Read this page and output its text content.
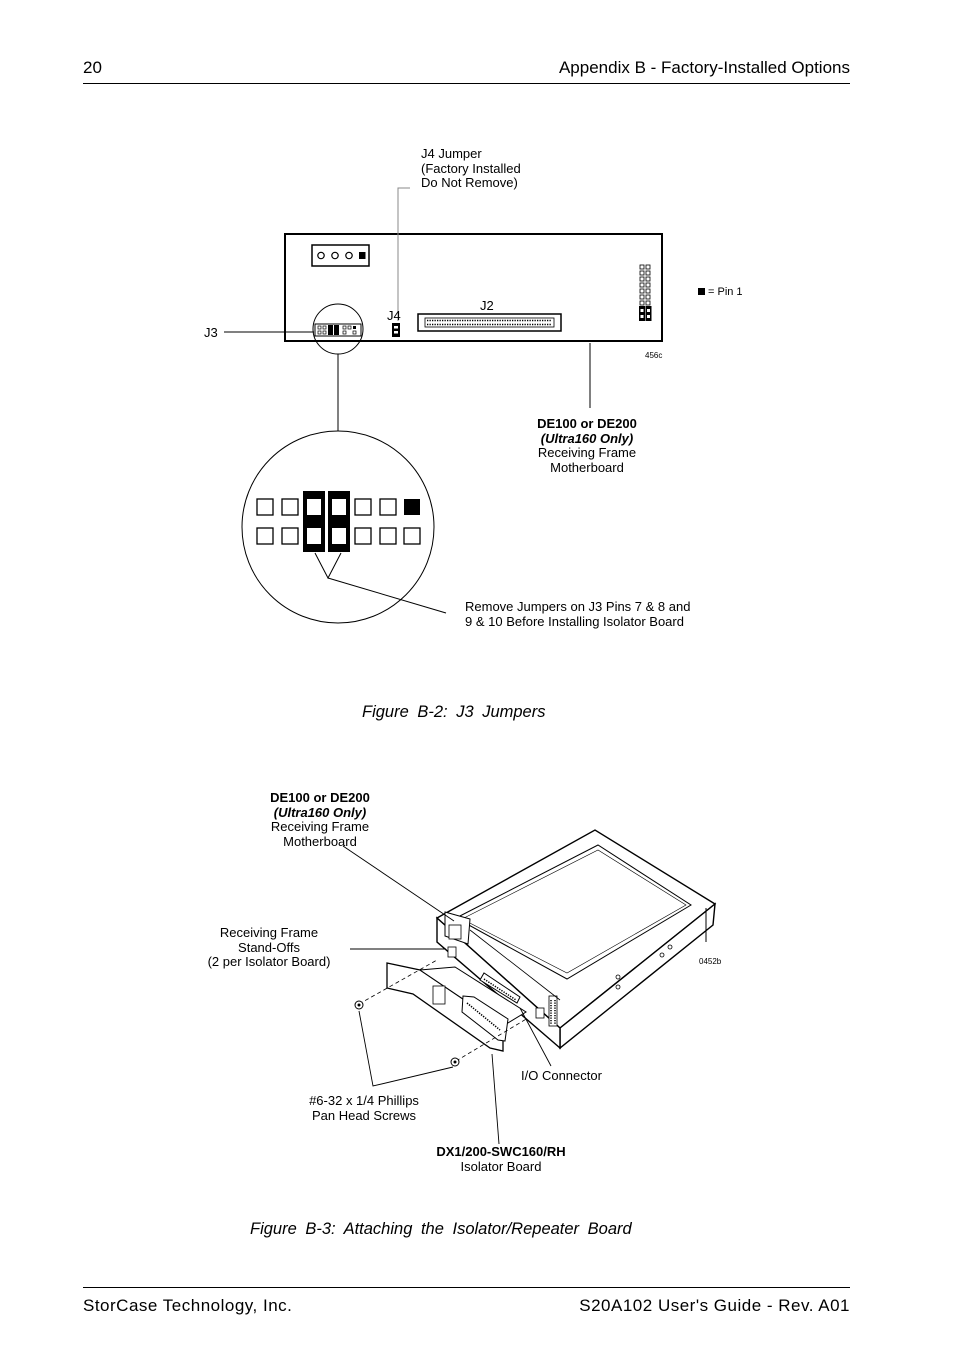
20	Appendix B - Factory-Installed Options
J4 Jumper
(Factory Installed
Do Not Remove)
J3
J4
J2
= Pin 1
456c
DE100 or DE200
(Ultra160 Only)
Receiving Frame
Motherboard
Remove Jumpers on J3 Pins 7 & 8 and
9 & 10 Before Installing Isolator Board
Figure B-2: J3 Jumpers
DE100 or DE200
(Ultra160 Only)
Receiving Frame
Motherboard
Receiving Frame
Stand-Offs
(2 per Isolator Board)	0452b
I/O Connector
#6-32 x 1/4 Phillips
Pan Head Screws
DX1/200-SWC160/RH
Isolator Board
Figure B-3: Attaching the Isolator/Repeater Board
StorCase Technology, Inc.	S20A102 User's Guide - Rev. A01
